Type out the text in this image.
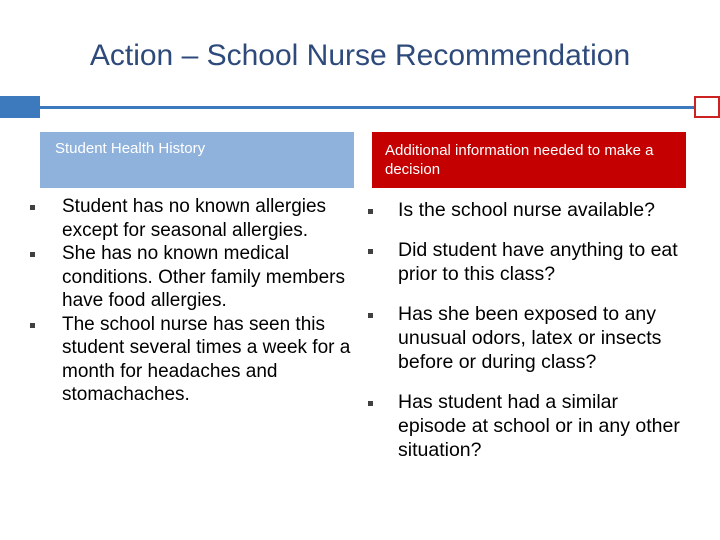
Action – School Nurse Recommendation
Student Health History	Additional information needed to make a decision
Student has no known allergies except for seasonal allergies.
She has no known medical conditions. Other family members have food allergies.
The school nurse has seen this student several times a week for a month for headaches and stomachaches.
Is the school nurse available?
Did student have anything to eat prior to this class?
Has she been exposed to any unusual odors, latex or insects before or during class?
Has student had a similar episode at school or in any other situation?
